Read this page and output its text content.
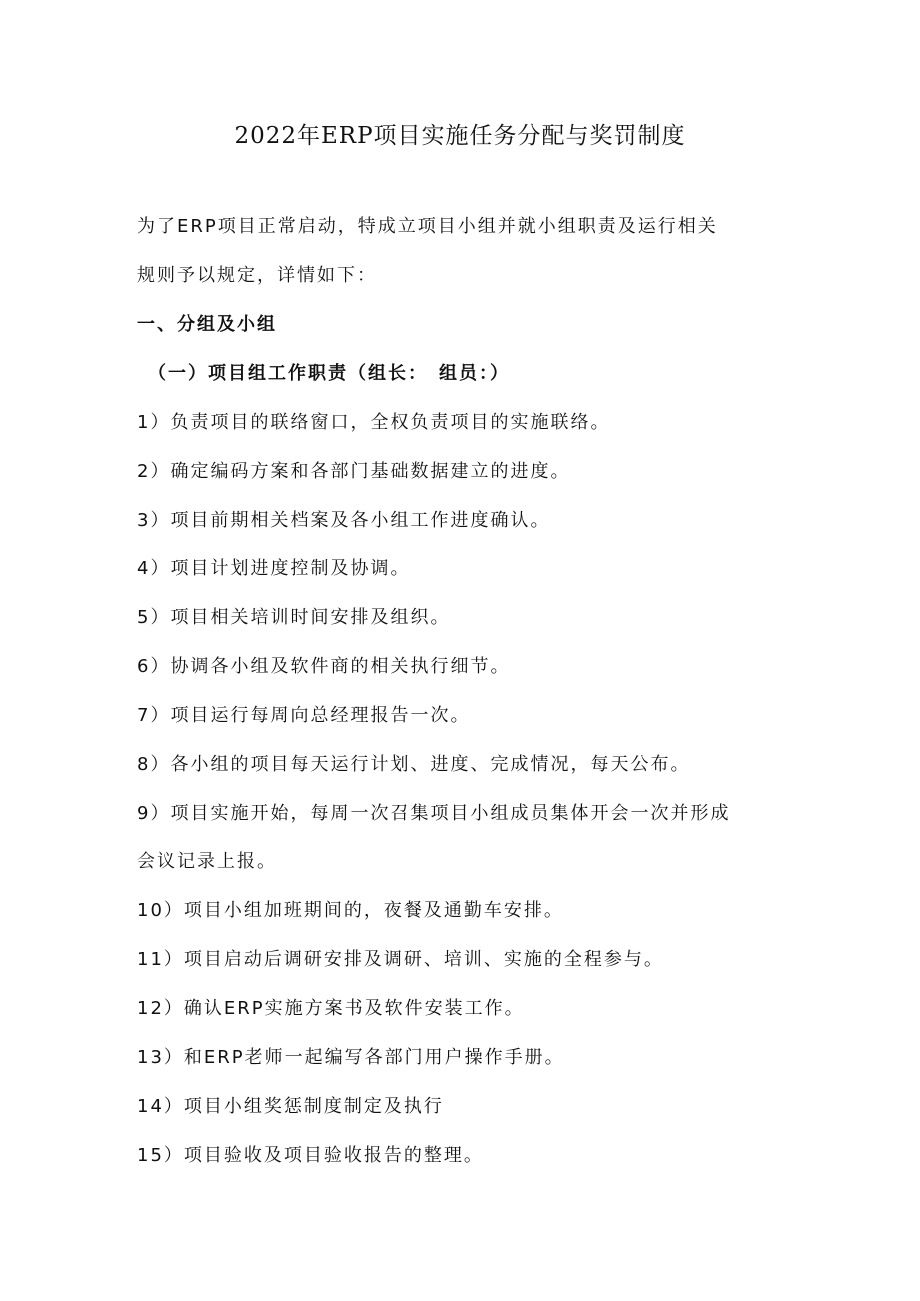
2022年ERP项目实施任务分配与奖罚制度
为了ERP项目正常启动，特成立项目小组并就小组职责及运行相关
规则予以规定，详情如下：
一、分组及小组
（一）项目组工作职责（组长：　组员：）
1）负责项目的联络窗口，全权负责项目的实施联络。
2）确定编码方案和各部门基础数据建立的进度。
3）项目前期相关档案及各小组工作进度确认。
4）项目计划进度控制及协调。
5）项目相关培训时间安排及组织。
6）协调各小组及软件商的相关执行细节。
7）项目运行每周向总经理报告一次。
8）各小组的项目每天运行计划、进度、完成情况，每天公布。
9）项目实施开始，每周一次召集项目小组成员集体开会一次并形成
会议记录上报。
10）项目小组加班期间的，夜餐及通勤车安排。
11）项目启动后调研安排及调研、培训、实施的全程参与。
12）确认ERP实施方案书及软件安装工作。
13）和ERP老师一起编写各部门用户操作手册。
14）项目小组奖惩制度制定及执行
15）项目验收及项目验收报告的整理。
